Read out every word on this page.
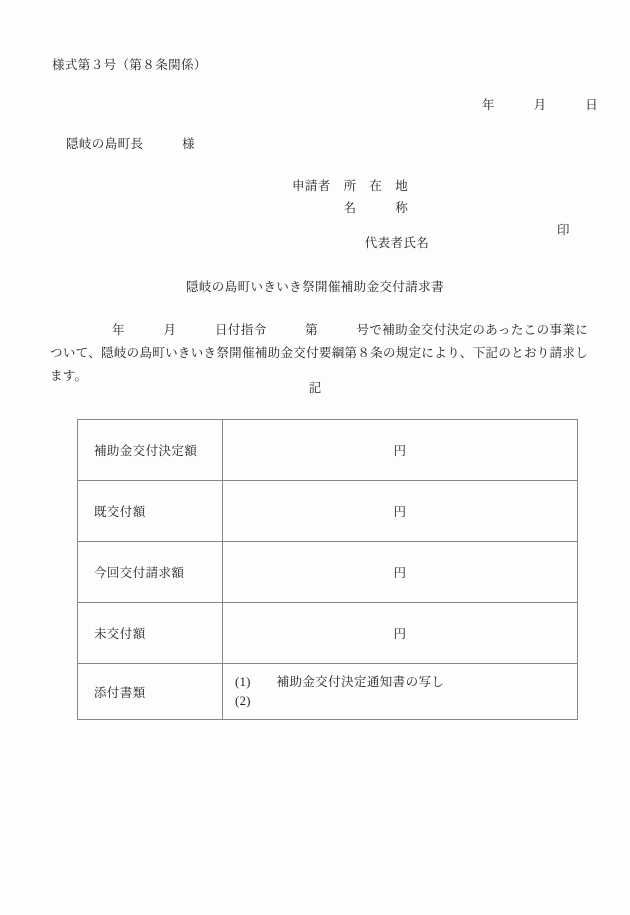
様式第３号（第８条関係）
年　　　月　　　日
隠岐の島町長　　　様
申請者　所　在　地
　　　　名　　　称

　　　　代表者氏名
印

隠岐の島町いきいき祭開催補助金交付請求書
年　　　月　　　日付指令　　　第　　　号で補助金交付決定のあったこの事業について、隠岐の島町いきいき祭開催補助金交付要綱第８条の規定により、下記のとおり請求します。
記
補助金交付決定額	円
既交付額	円
今回交付請求額	円
未交付額	円
添付書類	(1)　　補助金交付決定通知書の写し
(2)
